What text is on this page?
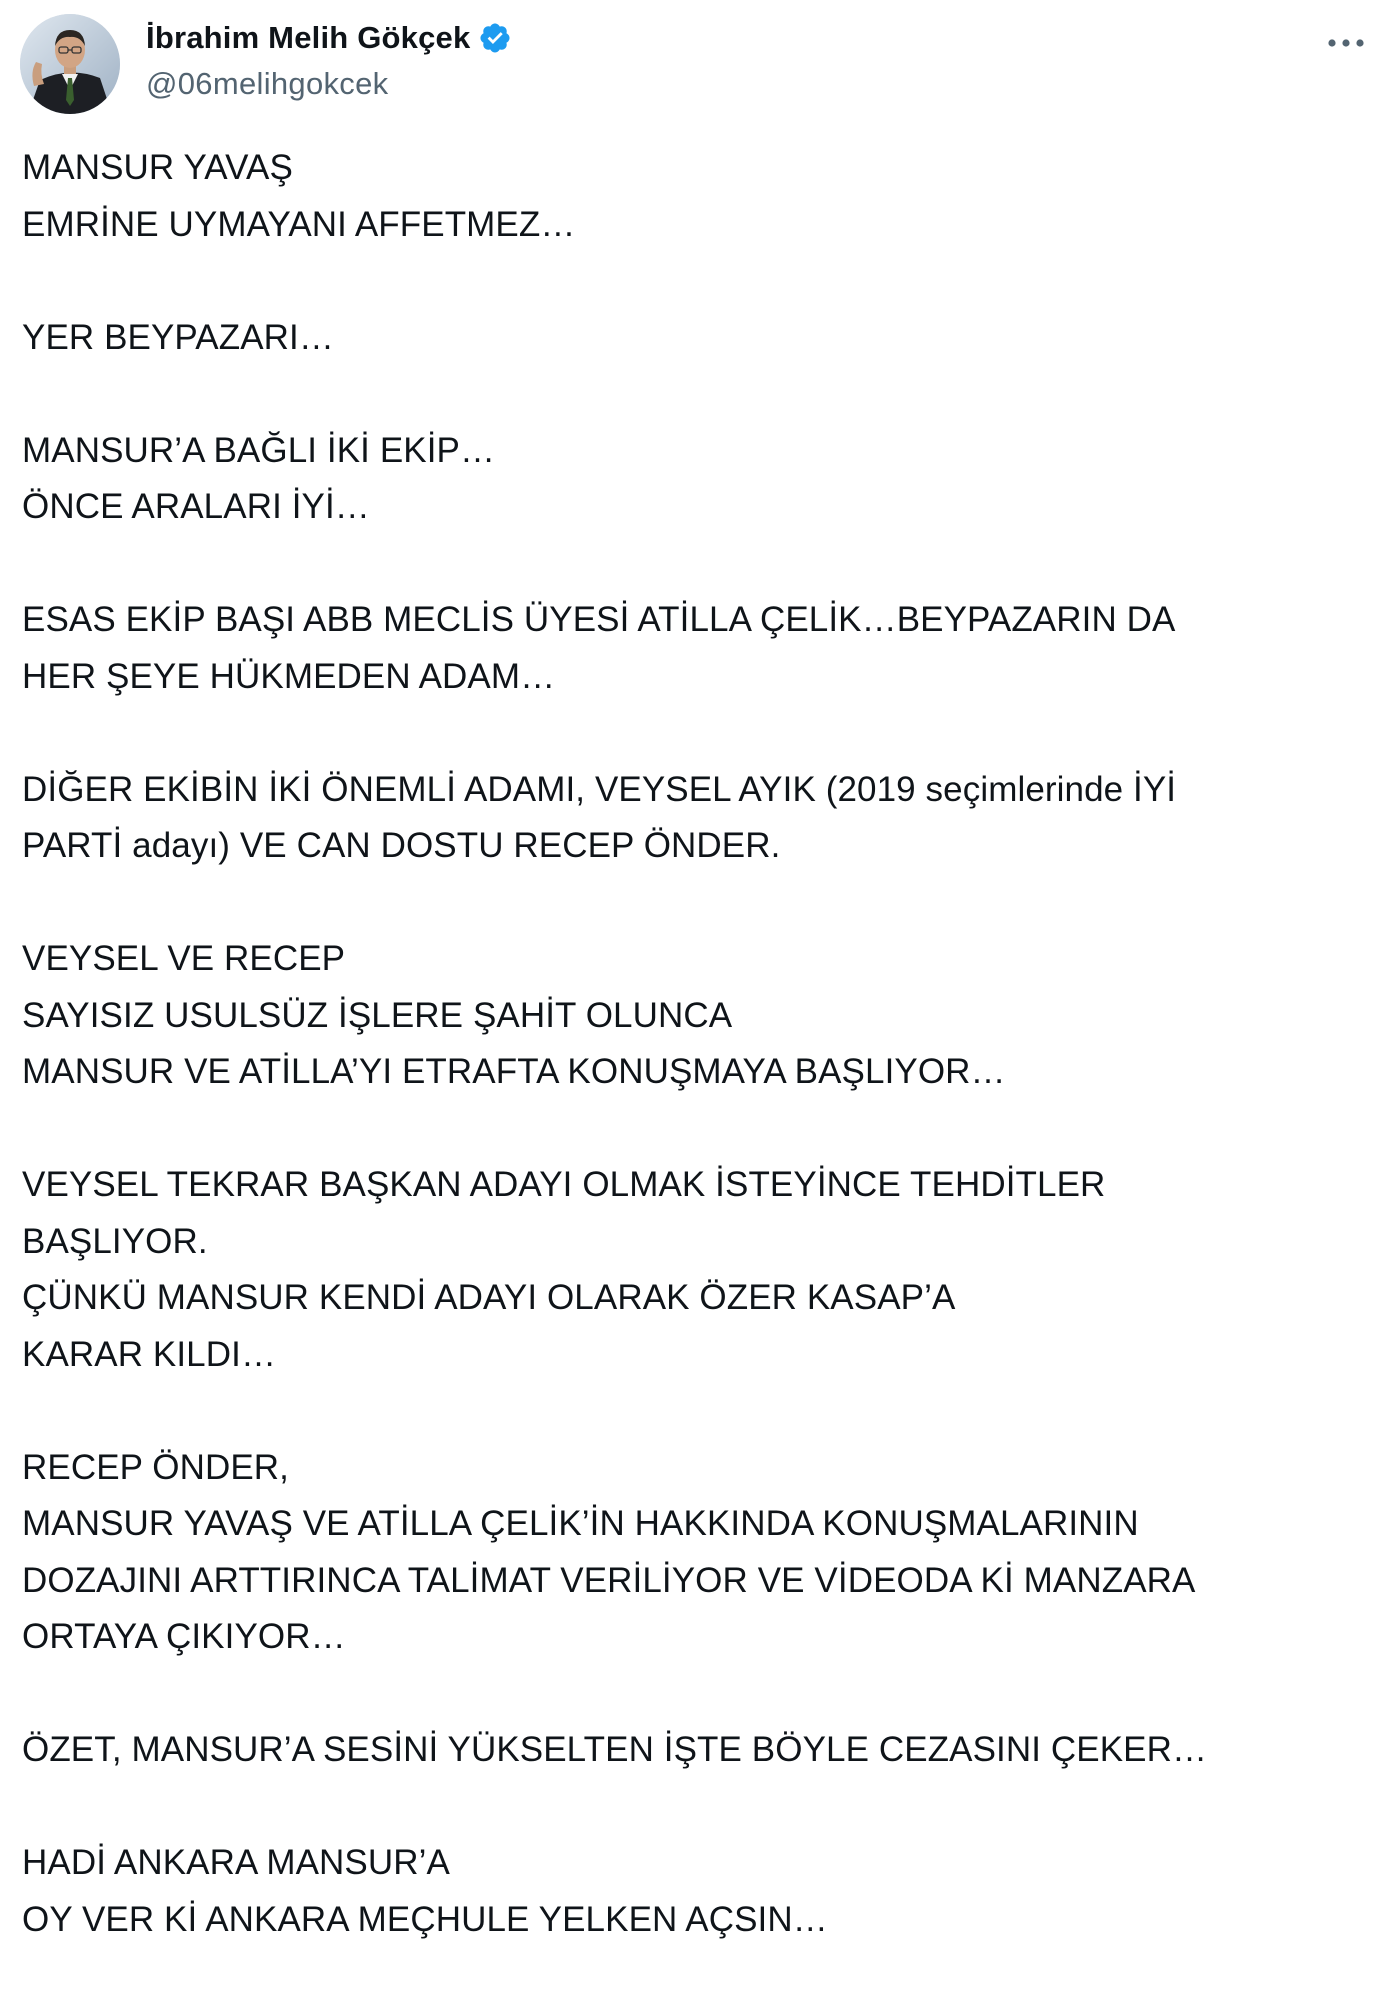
İbrahim Melih Gökçek
@06melihgokcek
MANSUR YAVAŞ
EMRİNE UYMAYANI AFFETMEZ…
YER BEYPAZARI…
MANSUR’A BAĞLI İKİ EKİP…
ÖNCE ARALARI İYİ…
ESAS EKİP BAŞI ABB MECLİS ÜYESİ ATİLLA ÇELİK…BEYPAZARIN DA
HER ŞEYE HÜKMEDEN ADAM…
DİĞER EKİBİN İKİ ÖNEMLİ ADAMI, VEYSEL AYIK (2019 seçimlerinde İYİ
PARTİ adayı) VE CAN DOSTU RECEP ÖNDER.
VEYSEL VE RECEP
SAYISIZ USULSÜZ İŞLERE ŞAHİT OLUNCA
MANSUR VE ATİLLA’YI ETRAFTA KONUŞMAYA BAŞLIYOR…
VEYSEL TEKRAR BAŞKAN ADAYI OLMAK İSTEYİNCE TEHDİTLER
BAŞLIYOR.
ÇÜNKÜ MANSUR KENDİ ADAYI OLARAK ÖZER KASAP’A
KARAR KILDI…
RECEP ÖNDER,
MANSUR YAVAŞ VE ATİLLA ÇELİK’İN HAKKINDA KONUŞMALARININ
DOZAJINI ARTTIRINCA TALİMAT VERİLİYOR VE VİDEODA Kİ MANZARA
ORTAYA ÇIKIYOR…
ÖZET, MANSUR’A SESİNİ YÜKSELTEN İŞTE BÖYLE CEZASINI ÇEKER…
HADİ ANKARA MANSUR’A
OY VER Kİ ANKARA MEÇHULE YELKEN AÇSIN…
